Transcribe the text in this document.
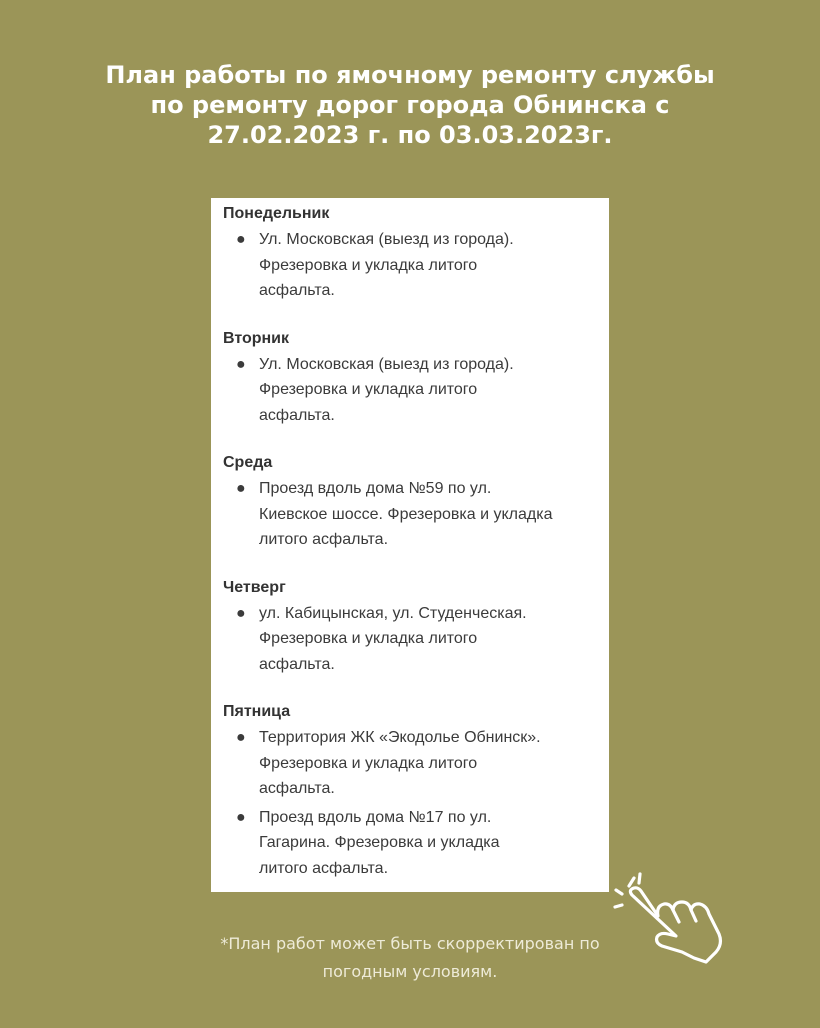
План работы по ямочному ремонту службы
по ремонту дорог города Обнинска с
27.02.2023 г. по 03.03.2023г.
Понедельник
● Ул. Московская (выезд из города).
Фрезеровка и укладка литого
асфальта.
Вторник
● Ул. Московская (выезд из города).
Фрезеровка и укладка литого
асфальта.
Среда
● Проезд вдоль дома №59 по ул.
Киевское шоссе. Фрезеровка и укладка
литого асфальта.
Четверг
● ул. Кабицынская, ул. Студенческая.
Фрезеровка и укладка литого
асфальта.
Пятница
● Территория ЖК «Экодолье Обнинск».
Фрезеровка и укладка литого
асфальта.
● Проезд вдоль дома №17 по ул.
Гагарина. Фрезеровка и укладка
литого асфальта.
*План работ может быть скорректирован по
погодным условиям.
